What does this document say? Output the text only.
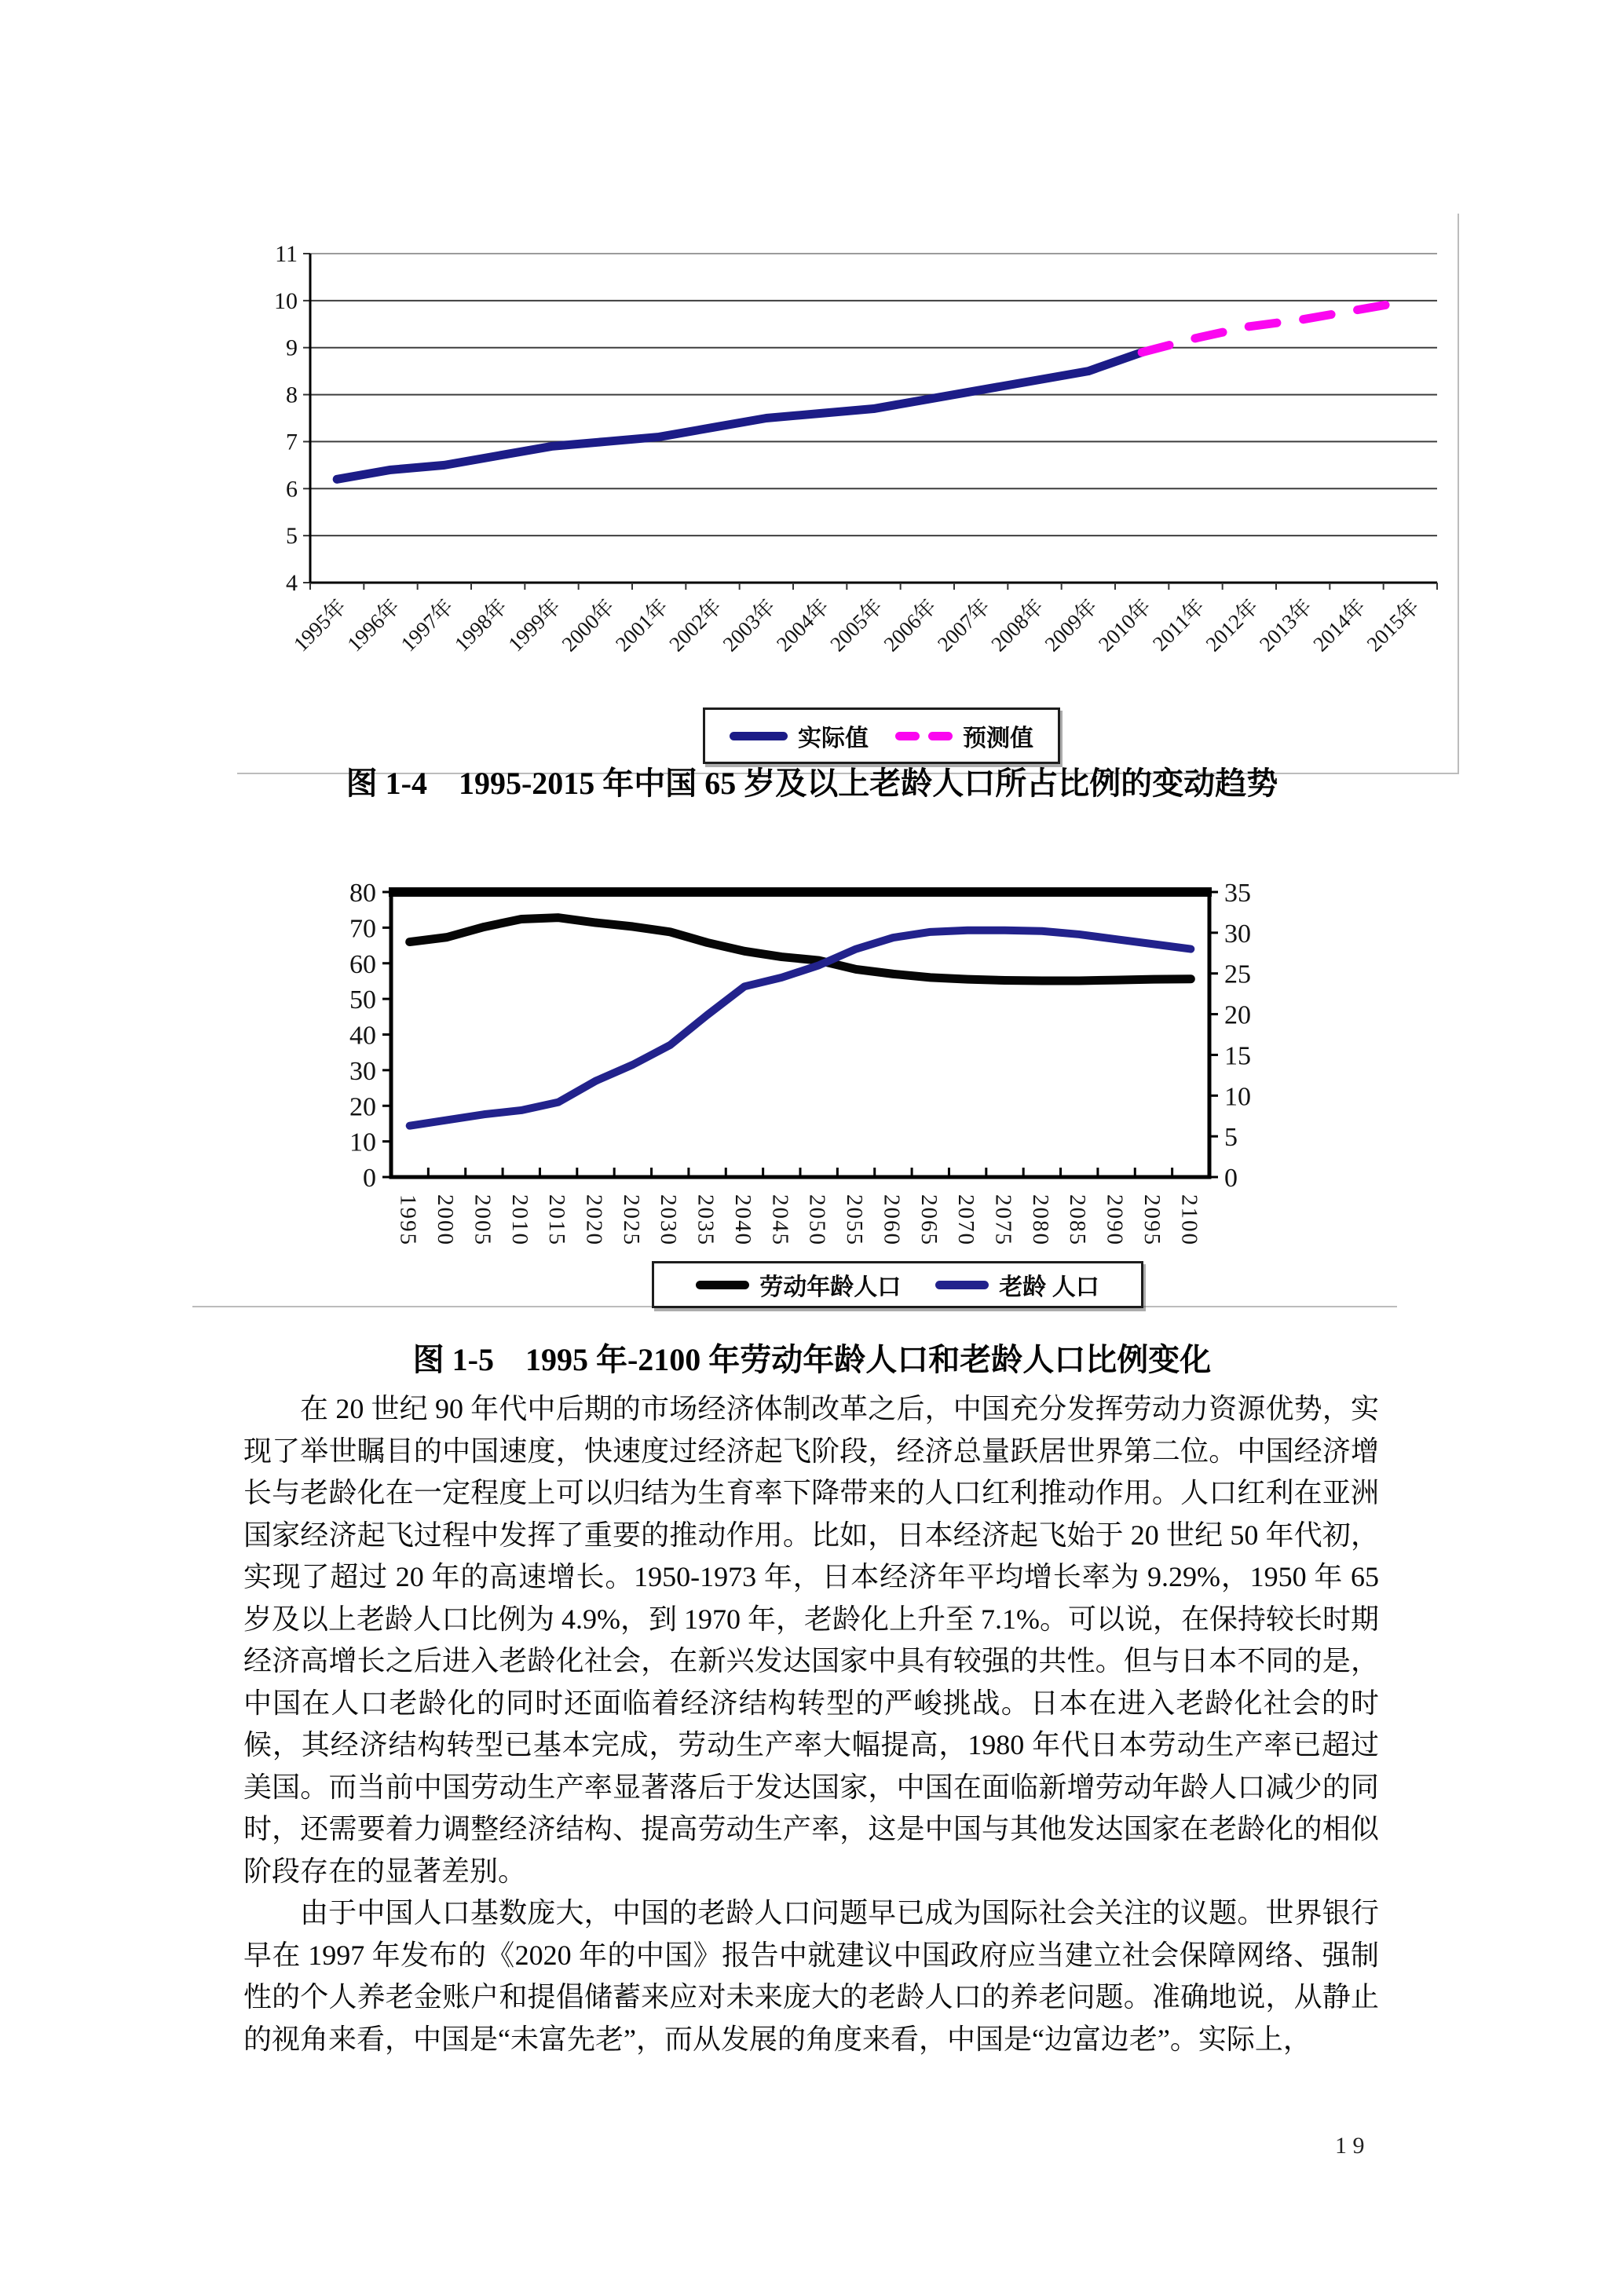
4
5
6
7
8
9
10
11
1995年
1996年
1997年
1998年
1999年
2000年
2001年
2002年
2003年
2004年
2005年
2006年
2007年
2008年
2009年
2010年
2011年
2012年
2013年
2014年
2015年
实际值	预测值
图 1-4　1995-2015 年中国 65 岁及以上老龄人口所占比例的变动趋势
0
10
20
30
40
50
60
70
80
0
5
10
15
20
25
30
35
1995 2000 2005 2010 2015 2020 2025 2030 2035 2040 2045 2050 2055 2060 2065 2070 2075 2080 2085 2090 2095 2100
劳动年龄人口	老龄 人口
图 1-5　1995 年-2100 年劳动年龄人口和老龄人口比例变化

在 20 世纪 90 年代中后期的市场经济体制改革之后，中国充分发挥劳动力资源优势，实现了举世瞩目的中国速度，快速度过经济起飞阶段，经济总量跃居世界第二位。中国经济增长与老龄化在一定程度上可以归结为生育率下降带来的人口红利推动作用。人口红利在亚洲国家经济起飞过程中发挥了重要的推动作用。比如，日本经济起飞始于 20 世纪 50 年代初，实现了超过 20 年的高速增长。1950-1973 年，日本经济年平均增长率为 9.29%，1950 年 65 岁及以上老龄人口比例为 4.9%，到 1970 年，老龄化上升至 7.1%。可以说，在保持较长时期经济高增长之后进入老龄化社会，在新兴发达国家中具有较强的共性。但与日本不同的是，中国在人口老龄化的同时还面临着经济结构转型的严峻挑战。日本在进入老龄化社会的时候，其经济结构转型已基本完成，劳动生产率大幅提高，1980 年代日本劳动生产率已超过美国。而当前中国劳动生产率显著落后于发达国家，中国在面临新增劳动年龄人口减少的同时，还需要着力调整经济结构、提高劳动生产率，这是中国与其他发达国家在老龄化的相似阶段存在的显著差别。

由于中国人口基数庞大，中国的老龄人口问题早已成为国际社会关注的议题。世界银行早在 1997 年发布的《2020 年的中国》报告中就建议中国政府应当建立社会保障网络、强制性的个人养老金账户和提倡储蓄来应对未来庞大的老龄人口的养老问题。准确地说，从静止的视角来看，中国是“未富先老”，而从发展的角度来看，中国是“边富边老”。实际上，

1 9
